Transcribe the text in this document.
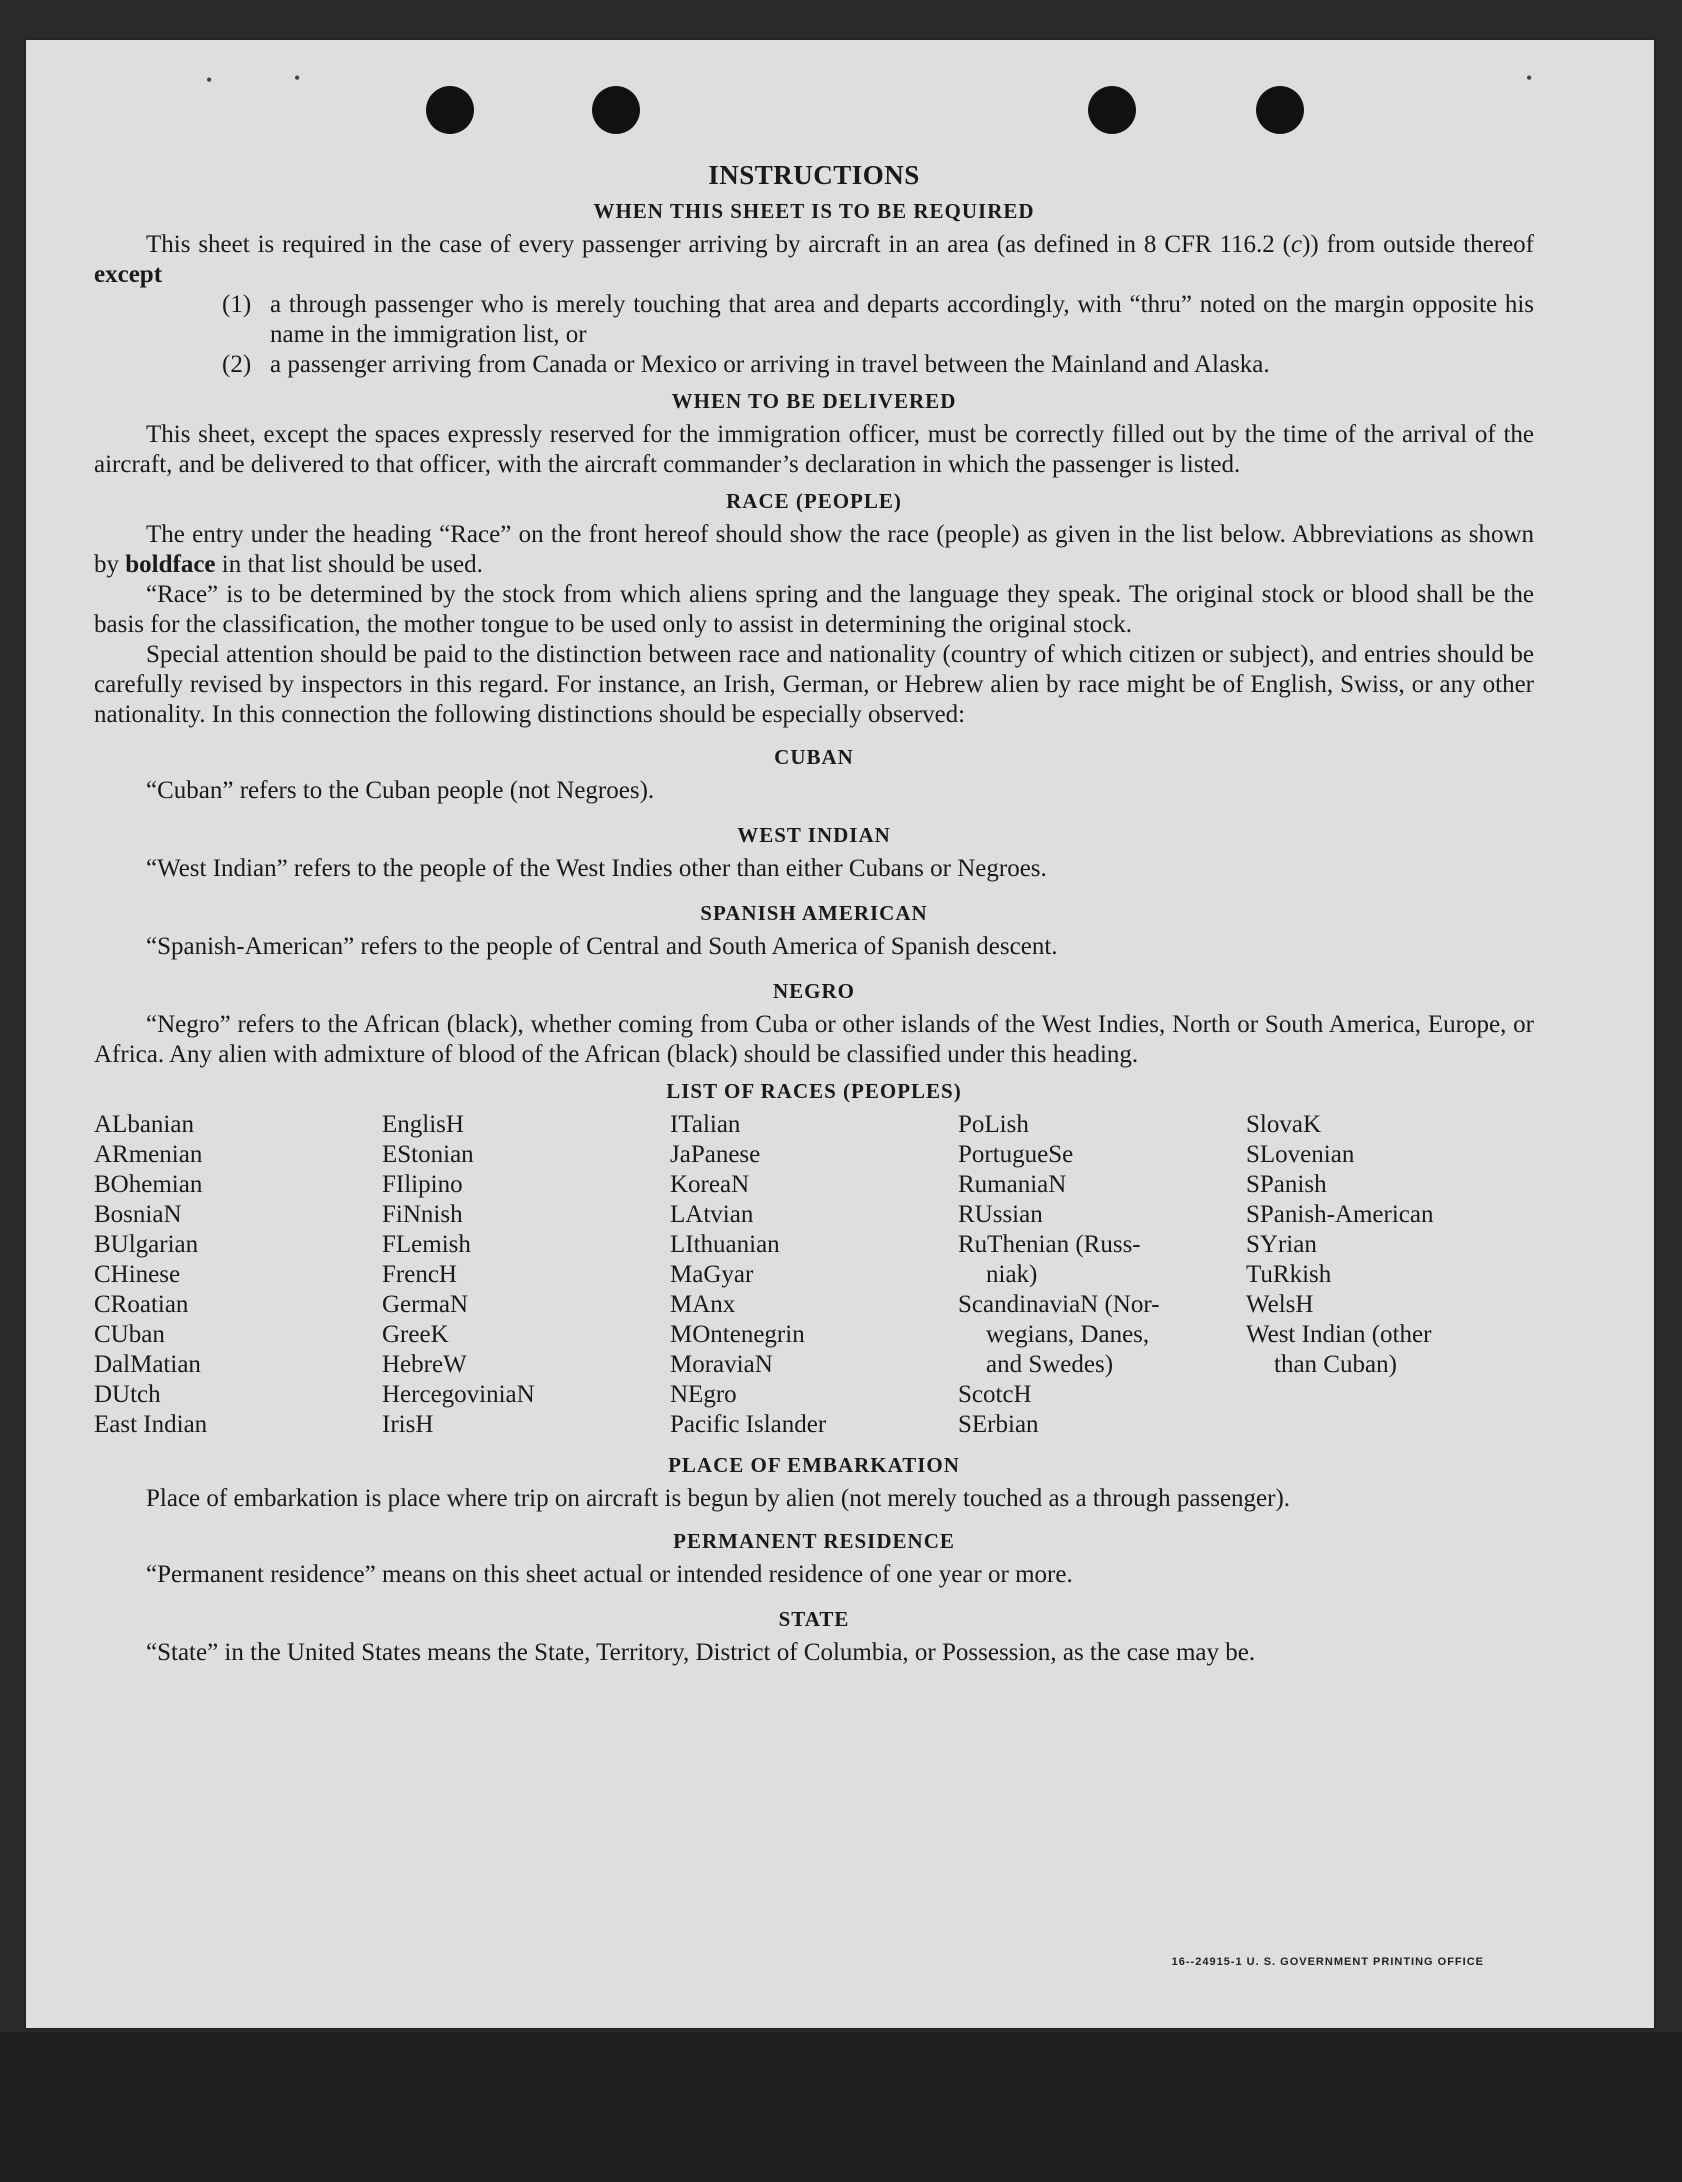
•	•	•
INSTRUCTIONS
WHEN THIS SHEET IS TO BE REQUIRED

This sheet is required in the case of every passenger arriving by aircraft in an area (as defined in 8 CFR 116.2 (c)) from outside thereof except

(1) a through passenger who is merely touching that area and departs accordingly, with “thru” noted on the margin opposite his name in the immigration list, or

(2) a passenger arriving from Canada or Mexico or arriving in travel between the Mainland and Alaska.

WHEN TO BE DELIVERED

This sheet, except the spaces expressly reserved for the immigration officer, must be correctly filled out by the time of the arrival of the aircraft, and be delivered to that officer, with the aircraft commander’s declaration in which the passenger is listed.

RACE (PEOPLE)

The entry under the heading “Race” on the front hereof should show the race (people) as given in the list below. Abbreviations as shown by boldface in that list should be used.

“Race” is to be determined by the stock from which aliens spring and the language they speak. The original stock or blood shall be the basis for the classification, the mother tongue to be used only to assist in determining the original stock.

Special attention should be paid to the distinction between race and nationality (country of which citizen or subject), and entries should be carefully revised by inspectors in this regard. For instance, an Irish, German, or Hebrew alien by race might be of English, Swiss, or any other nationality. In this connection the following distinctions should be especially observed:

CUBAN

“Cuban” refers to the Cuban people (not Negroes).

WEST INDIAN

“West Indian” refers to the people of the West Indies other than either Cubans or Negroes.

SPANISH AMERICAN

“Spanish-American” refers to the people of Central and South America of Spanish descent.

NEGRO

“Negro” refers to the African (black), whether coming from Cuba or other islands of the West Indies, North or South America, Europe, or Africa. Any alien with admixture of blood of the African (black) should be classified under this heading.

LIST OF RACES (PEOPLES)
ALbanian
ARmenian
BOhemian
BosniaN
BUlgarian
CHinese
CRoatian
CUban
DalMatian
DUtch
East Indian
EnglisH
EStonian
FIlipino
FiNnish
FLemish
FrencH
GermaN
GreeK
HebreW
HercegoviniaN
IrisH
ITalian
JaPanese
KoreaN
LAtvian
LIthuanian
MaGyar
MAnx
MOntenegrin
MoraviaN
NEgro
Pacific Islander
PoLish
PortugueSe
RumaniaN
RUssian
RuThenian (Russ-
niak)
ScandinaviaN (Nor-
wegians, Danes,
and Swedes)
ScotcH
SErbian
SlovaK
SLovenian
SPanish
SPanish-American
SYrian
TuRkish
WelsH
West Indian (other
than Cuban)
PLACE OF EMBARKATION

Place of embarkation is place where trip on aircraft is begun by alien (not merely touched as a through passenger).

PERMANENT RESIDENCE

“Permanent residence” means on this sheet actual or intended residence of one year or more.

STATE

“State” in the United States means the State, Territory, District of Columbia, or Possession, as the case may be.

16--24915-1 U. S. GOVERNMENT PRINTING OFFICE
